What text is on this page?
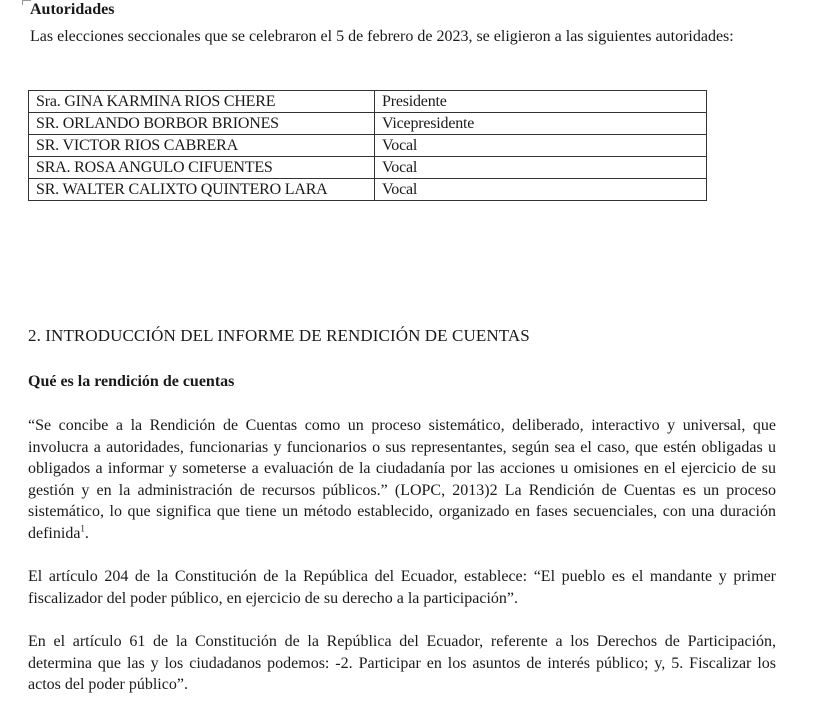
Autoridades
Las elecciones seccionales que se celebraron el 5 de febrero de 2023, se eligieron a las siguientes autoridades:
Sra. GINA KARMINA RIOS CHERE	Presidente
SR. ORLANDO BORBOR BRIONES	Vicepresidente
SR. VICTOR RIOS CABRERA	Vocal
SRA. ROSA ANGULO CIFUENTES	Vocal
SR. WALTER CALIXTO QUINTERO LARA	Vocal
2. INTRODUCCIÓN DEL INFORME DE RENDICIÓN DE CUENTAS
Qué es la rendición de cuentas
“Se concibe a la Rendición de Cuentas como un proceso sistemático, deliberado, interactivo y universal, que involucra a autoridades, funcionarias y funcionarios o sus representantes, según sea el caso, que estén obligadas u obligados a informar y someterse a evaluación de la ciudadanía por las acciones u omisiones en el ejercicio de su gestión y en la administración de recursos públicos.” (LOPC, 2013)2 La Rendición de Cuentas es un proceso sistemático, lo que significa que tiene un método establecido, organizado en fases secuenciales, con una duración definida$^1$.
El artículo 204 de la Constitución de la República del Ecuador, establece: “El pueblo es el mandante y primer fiscalizador del poder público, en ejercicio de su derecho a la participación”.
En el artículo 61 de la Constitución de la República del Ecuador, referente a los Derechos de Participación, determina que las y los ciudadanos podemos: -2. Participar en los asuntos de interés público; y, 5. Fiscalizar los actos del poder público”.
